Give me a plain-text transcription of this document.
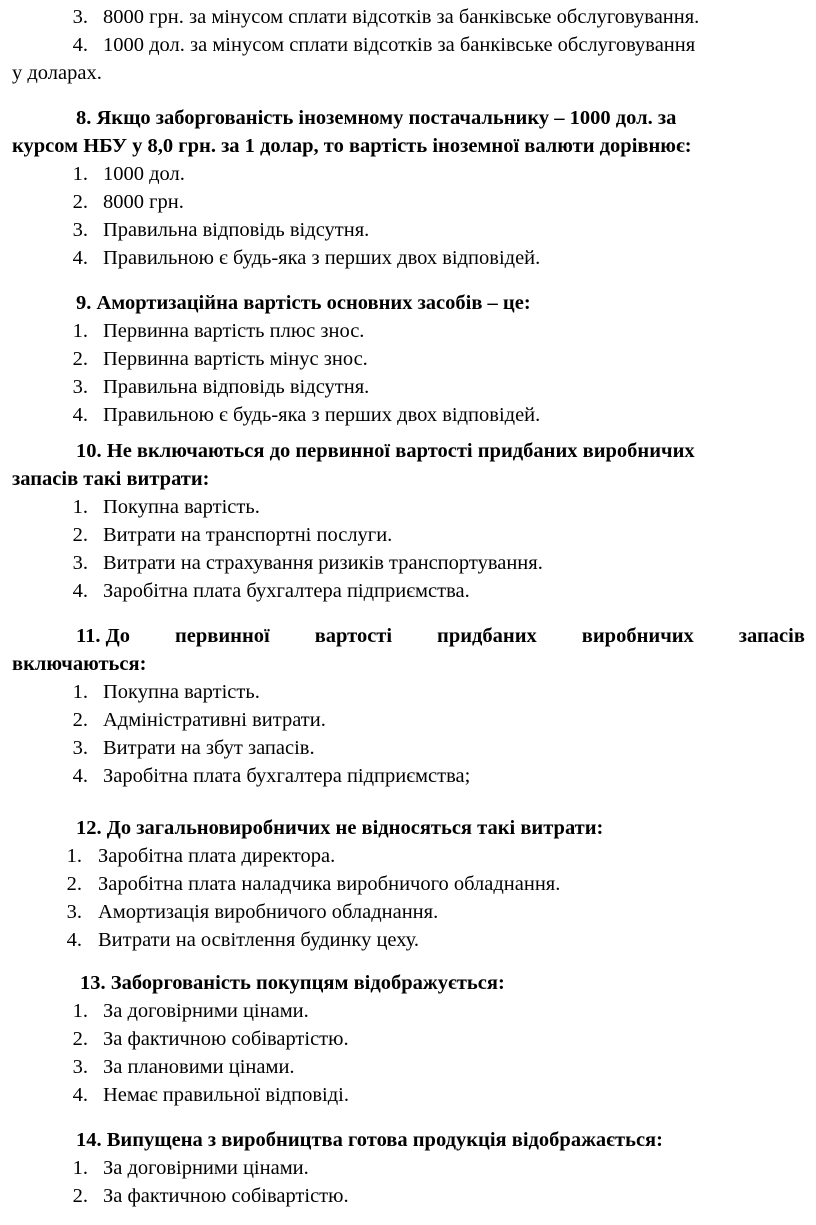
3. 8000 грн. за мінусом сплати відсотків за банківське обслуговування.
4. 1000 дол. за мінусом сплати відсотків за банківське обслуговування
у доларах.
8. Якщо заборгованість іноземному постачальнику – 1000 дол. за
курсом НБУ у 8,0 грн. за 1 долар, то вартість іноземної валюти дорівнює:
1. 1000 дол.
2. 8000 грн.
3. Правильна відповідь відсутня.
4. Правильною є будь-яка з перших двох відповідей.
9. Амортизаційна вартість основних засобів – це:
1. Первинна вартість плюс знос.
2. Первинна вартість мінус знос.
3. Правильна відповідь відсутня.
4. Правильною є будь-яка з перших двох відповідей.
10. Не включаються до первинної вартості придбаних виробничих
запасів такі витрати:
1. Покупна вартість.
2. Витрати на транспортні послуги.
3. Витрати на страхування ризиків транспортування.
4. Заробітна плата бухгалтера підприємства.
11. До первинної вартості придбаних виробничих запасів
включаються:
1. Покупна вартість.
2. Адміністративні витрати.
3. Витрати на збут запасів.
4. Заробітна плата бухгалтера підприємства;
12. До загальновиробничих не відносяться такі витрати:
1. Заробітна плата директора.
2. Заробітна плата наладчика виробничого обладнання.
3. Амортизація виробничого обладнання.
4. Витрати на освітлення будинку цеху.
13. Заборгованість покупцям відображується:
1. За договірними цінами.
2. За фактичною собівартістю.
3. За плановими цінами.
4. Немає правильної відповіді.
14. Випущена з виробництва готова продукція відображається:
1. За договірними цінами.
2. За фактичною собівартістю.
